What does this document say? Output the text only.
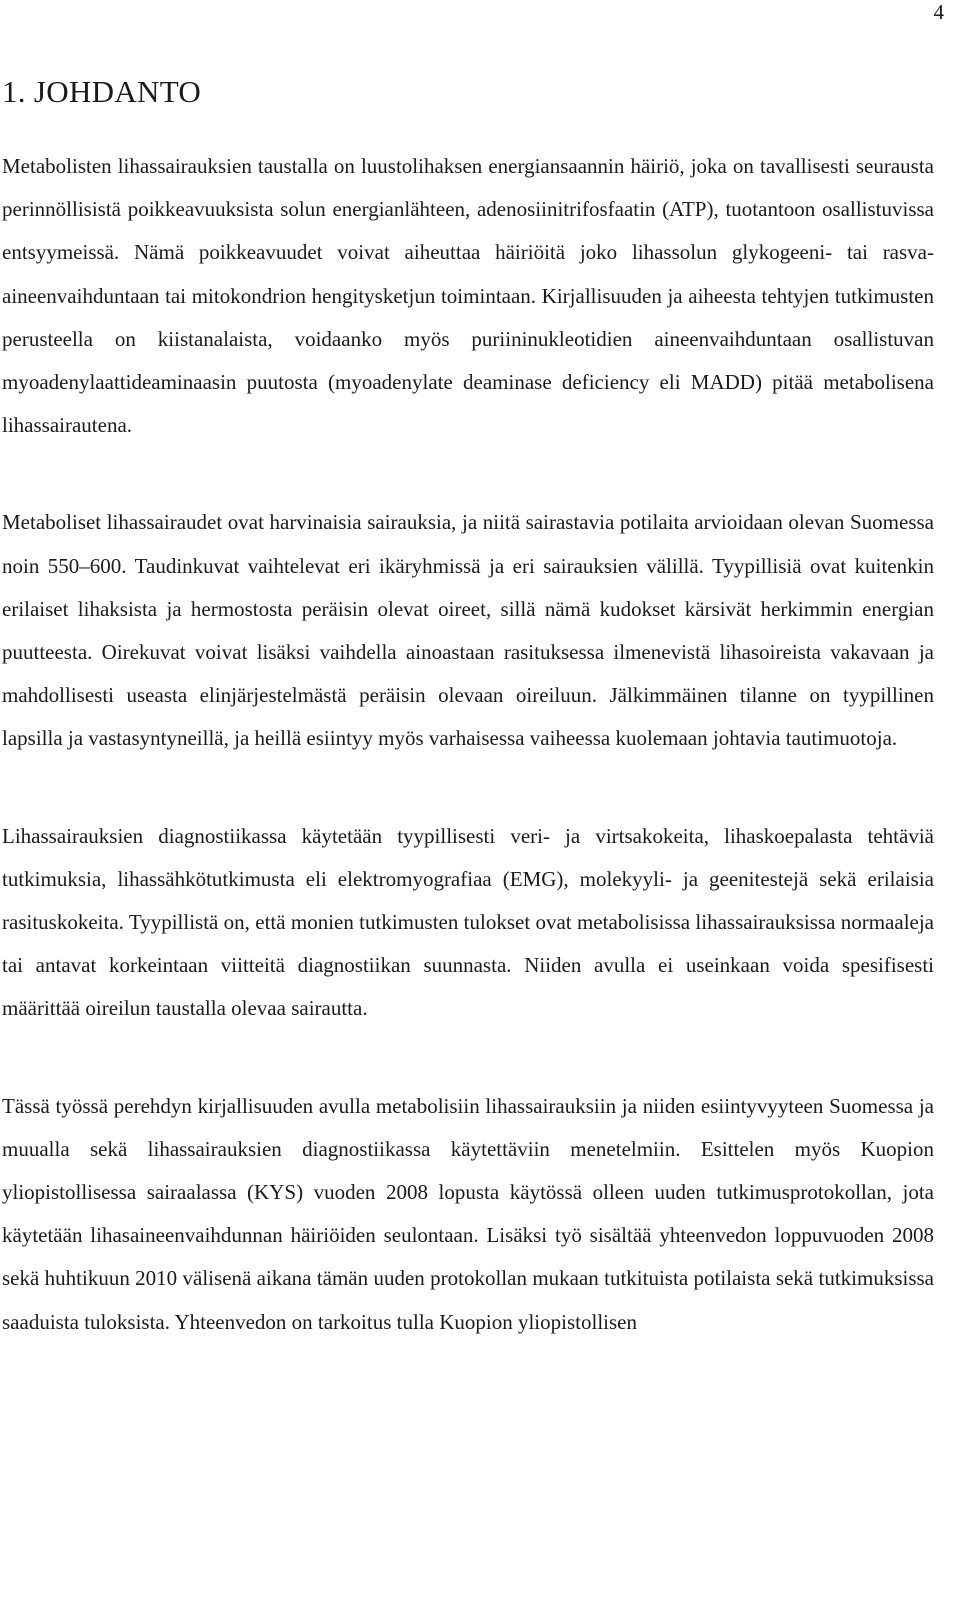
4
1. JOHDANTO

Metabolisten lihassairauksien taustalla on luustolihaksen energiansaannin häiriö, joka on tavallisesti seurausta perinnöllisistä poikkeavuuksista solun energianlähteen, adenosiinitrifosfaatin (ATP), tuotantoon osallistuvissa entsyymeissä. Nämä poikkeavuudet voivat aiheuttaa häiriöitä joko lihassolun glykogeeni- tai rasva-aineenvaihduntaan tai mitokondrion hengitysketjun toimintaan. Kirjallisuuden ja aiheesta tehtyjen tutkimusten perusteella on kiistanalaista, voidaanko myös puriininukleotidien aineenvaihduntaan osallistuvan myoadenylaattideaminaasin puutosta (myoadenylate deaminase deficiency eli MADD) pitää metabolisena lihassairautena.

Metaboliset lihassairaudet ovat harvinaisia sairauksia, ja niitä sairastavia potilaita arvioidaan olevan Suomessa noin 550–600. Taudinkuvat vaihtelevat eri ikäryhmissä ja eri sairauksien välillä. Tyypillisiä ovat kuitenkin erilaiset lihaksista ja hermostosta peräisin olevat oireet, sillä nämä kudokset kärsivät herkimmin energian puutteesta. Oirekuvat voivat lisäksi vaihdella ainoastaan rasituksessa ilmenevistä lihasoireista vakavaan ja mahdollisesti useasta elinjärjestelmästä peräisin olevaan oireiluun. Jälkimmäinen tilanne on tyypillinen lapsilla ja vastasyntyneillä, ja heillä esiintyy myös varhaisessa vaiheessa kuolemaan johtavia tautimuotoja.

Lihassairauksien diagnostiikassa käytetään tyypillisesti veri- ja virtsakokeita, lihaskoepalasta tehtäviä tutkimuksia, lihassähkötutkimusta eli elektromyografiaa (EMG), molekyyli- ja geenitestejä sekä erilaisia rasituskokeita. Tyypillistä on, että monien tutkimusten tulokset ovat metabolisissa lihassairauksissa normaaleja tai antavat korkeintaan viitteitä diagnostiikan suunnasta. Niiden avulla ei useinkaan voida spesifisesti määrittää oireilun taustalla olevaa sairautta.

Tässä työssä perehdyn kirjallisuuden avulla metabolisiin lihassairauksiin ja niiden esiintyvyyteen Suomessa ja muualla sekä lihassairauksien diagnostiikassa käytettäviin menetelmiin. Esittelen myös Kuopion yliopistollisessa sairaalassa (KYS) vuoden 2008 lopusta käytössä olleen uuden tutkimusprotokollan, jota käytetään lihasaineenvaihdunnan häiriöiden seulontaan. Lisäksi työ sisältää yhteenvedon loppuvuoden 2008 sekä huhtikuun 2010 välisenä aikana tämän uuden protokollan mukaan tutkituista potilaista sekä tutkimuksissa saaduista tuloksista. Yhteenvedon on tarkoitus tulla Kuopion yliopistollisen
